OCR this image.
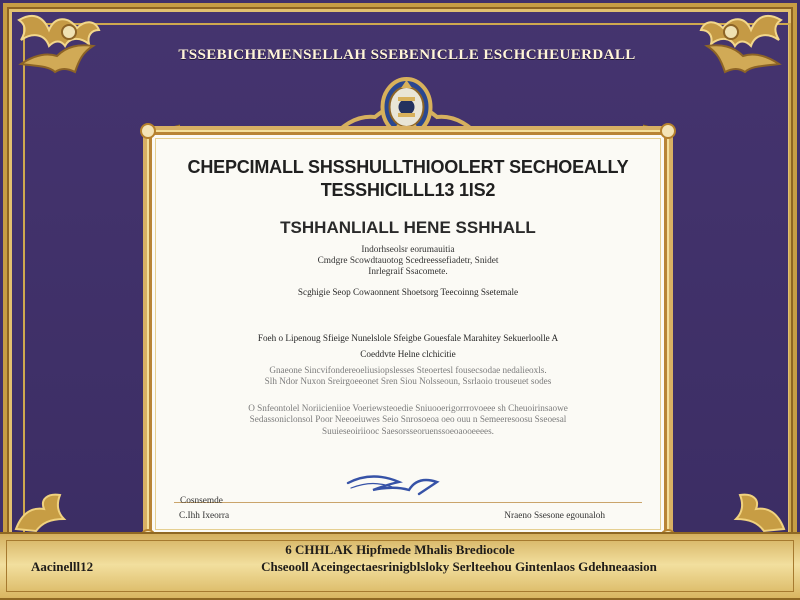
TSSEBICHEMENSELLAH SSEBENICLLE ESCHCHEUERDALL
CHEPCIMALL SHSSHULLTHIOOLERT SECHOEALLY
TESSHICILLL13 1IS2
TSHHANLIALL HENE SSHHALL
Indorhseolsr eorumauitia
Cmdgre Scowdtauotog Scedreessefiadetr, Snidet
Inrlegraif Ssacomete.
Scghigie Seop Cowaonnent Shoetsorg Teecoinng Ssetemale
Foeh o Lipenoug Sfieige Nunelslole Sfeigbe Gouesfale Marahitey Sekuerloolle A
Coeddvte Helne clchicitie
Gnaeone Sincvifondereoeliusiopslesses Steoertesl fousecsodae nedalieoxls.
Slh Ndor Nuxon Sreirgoeeonet Sren Siou Nolsseoun, Ssrlaoio trouseuet sodes
O Snfeontolel Noriicieniioe Voeriewsteoedie Sniuooerigorrrovoeee sh Cheuoirinsaowe
Sedassoniclonsol Poor Neeoeiuwes Seio Snrosoeoa oeo ouu n Semeeresoosu Sseoesal
Suuieseoiriiooc Saesorsseoruenssoeoaooeeees.
Cosnsemde
C.Ihh Ixeorra	Nraeno Ssesone egounaloh
6 CHHLAK Hipfmede Mhalis Brediocole
Aacinelll12	Chseooll Aceingectaesrinigblsloky Serlteehou Gintenlaos Gdehneaasion
